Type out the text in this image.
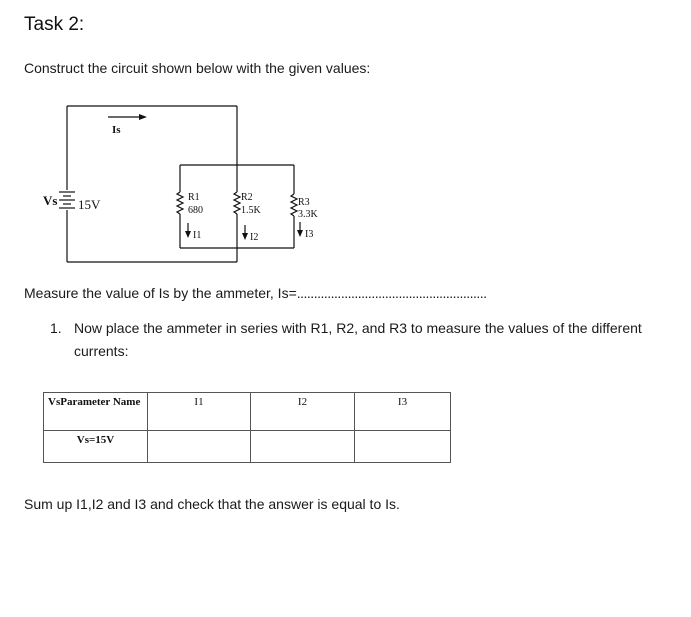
Task 2:
Construct the circuit shown below with the given values:
Is
Vs 15V	R1
680
I1
R2
1.5K
I2
R3
3.3K
I3
Measure the value of Is by the ammeter, Is=........................................................
1. Now place the ammeter in series with R1, R2, and R3 to measure the values of the different
currents:
VsParameter Name	I1	I2	I3
Vs=15V			
Sum up I1,I2 and I3 and check that the answer is equal to Is.
